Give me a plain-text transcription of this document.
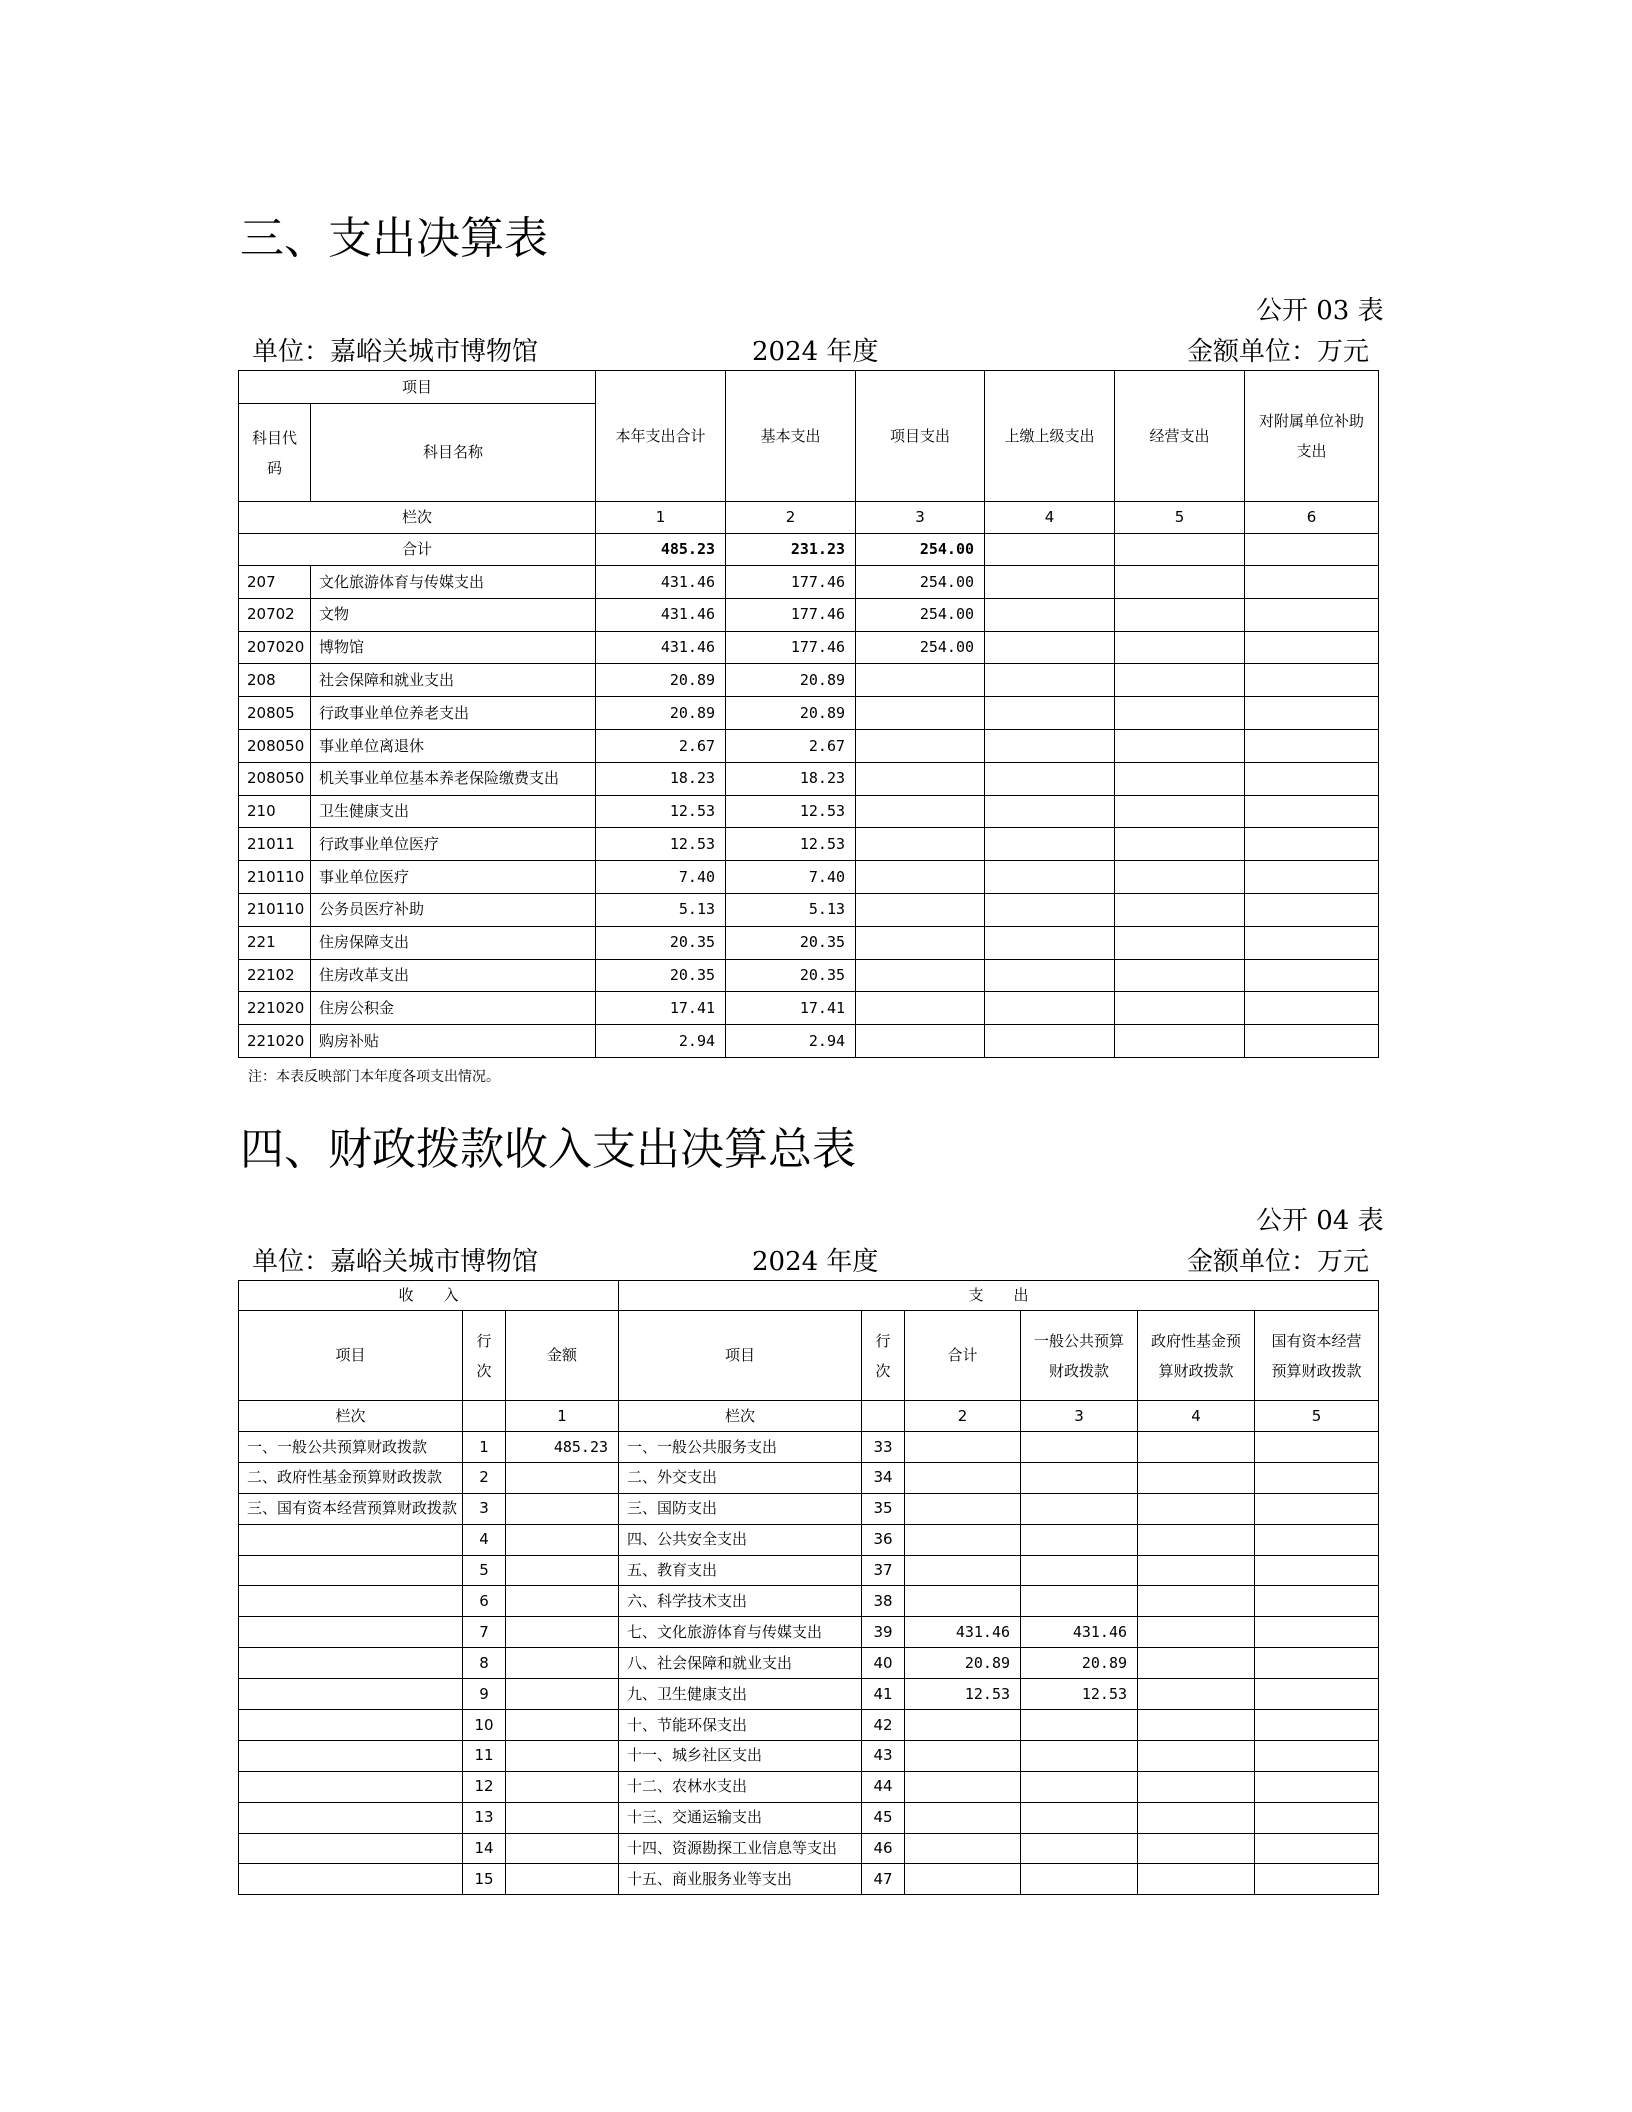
三、支出决算表
公开 03 表
单位：嘉峪关城市博物馆	2024 年度	金额单位：万元
项目		本年支出合计	基本支出	项目支出	上缴上级支出	经营支出	对附属单位补助支出
科目代码	科目名称						
栏次		1	2	3	4	5	6
合计		485.23	231.23	254.00			
207	文化旅游体育与传媒支出	431.46	177.46	254.00			
20702	文物	431.46	177.46	254.00			
207020	博物馆	431.46	177.46	254.00			
208	社会保障和就业支出	20.89	20.89				
20805	行政事业单位养老支出	20.89	20.89				
208050	事业单位离退休	2.67	2.67				
208050	机关事业单位基本养老保险缴费支出	18.23	18.23				
210	卫生健康支出	12.53	12.53				
21011	行政事业单位医疗	12.53	12.53				
210110	事业单位医疗	7.40	7.40				
210110	公务员医疗补助	5.13	5.13				
221	住房保障支出	20.35	20.35				
22102	住房改革支出	20.35	20.35				
221020	住房公积金	17.41	17.41				
221020	购房补贴	2.94	2.94				
注：本表反映部门本年度各项支出情况。
四、财政拨款收入支出决算总表
公开 04 表
单位：嘉峪关城市博物馆	2024 年度	金额单位：万元
收　　入			支　　出					
项目	行次	金额	项目	行次	合计	一般公共预算财政拨款	政府性基金预算财政拨款	国有资本经营预算财政拨款
栏次		1	栏次		2	3	4	5
一、一般公共预算财政拨款	1	485.23	一、一般公共服务支出	33				
二、政府性基金预算财政拨款	2		二、外交支出	34				
三、国有资本经营预算财政拨款	3		三、国防支出	35				
	4		四、公共安全支出	36				
	5		五、教育支出	37				
	6		六、科学技术支出	38				
	7		七、文化旅游体育与传媒支出	39	431.46	431.46		
	8		八、社会保障和就业支出	40	20.89	20.89		
	9		九、卫生健康支出	41	12.53	12.53		
	10		十、节能环保支出	42				
	11		十一、城乡社区支出	43				
	12		十二、农林水支出	44				
	13		十三、交通运输支出	45				
	14		十四、资源勘探工业信息等支出	46				
	15		十五、商业服务业等支出	47				
